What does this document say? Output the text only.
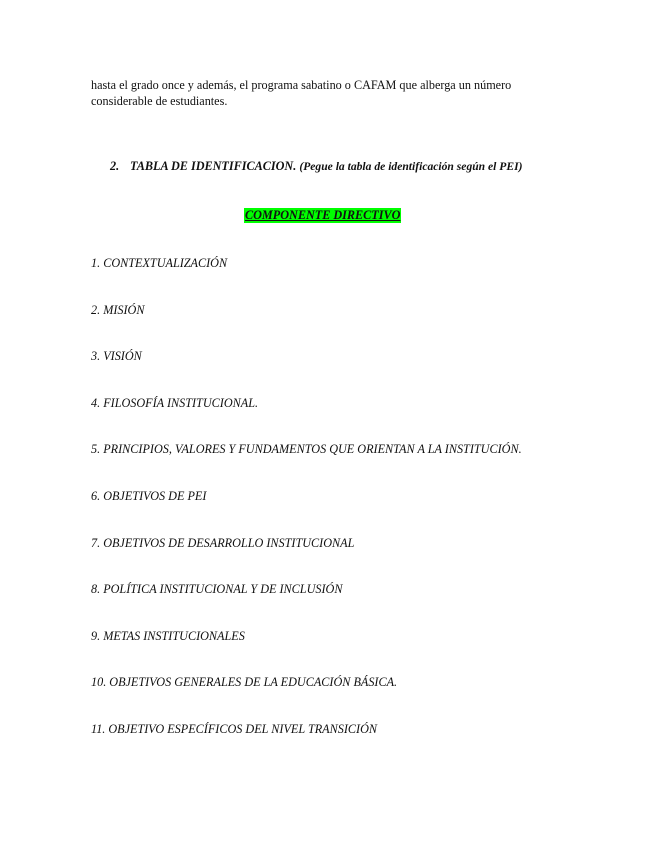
hasta el grado once y además, el programa sabatino o CAFAM que alberga un número considerable de estudiantes.

2. TABLA DE IDENTIFICACION. (Pegue la tabla de identificación según el PEI)
COMPONENTE DIRECTIVO
1. CONTEXTUALIZACIÓN
2. MISIÓN
3. VISIÓN
4. FILOSOFÍA INSTITUCIONAL.
5. PRINCIPIOS, VALORES Y FUNDAMENTOS QUE ORIENTAN A LA INSTITUCIÓN.
6. OBJETIVOS DE PEI
7. OBJETIVOS DE DESARROLLO INSTITUCIONAL
8. POLÍTICA INSTITUCIONAL Y DE INCLUSIÓN
9. METAS INSTITUCIONALES
10. OBJETIVOS GENERALES DE LA EDUCACIÓN BÁSICA.
11. OBJETIVO ESPECÍFICOS DEL NIVEL TRANSICIÓN
